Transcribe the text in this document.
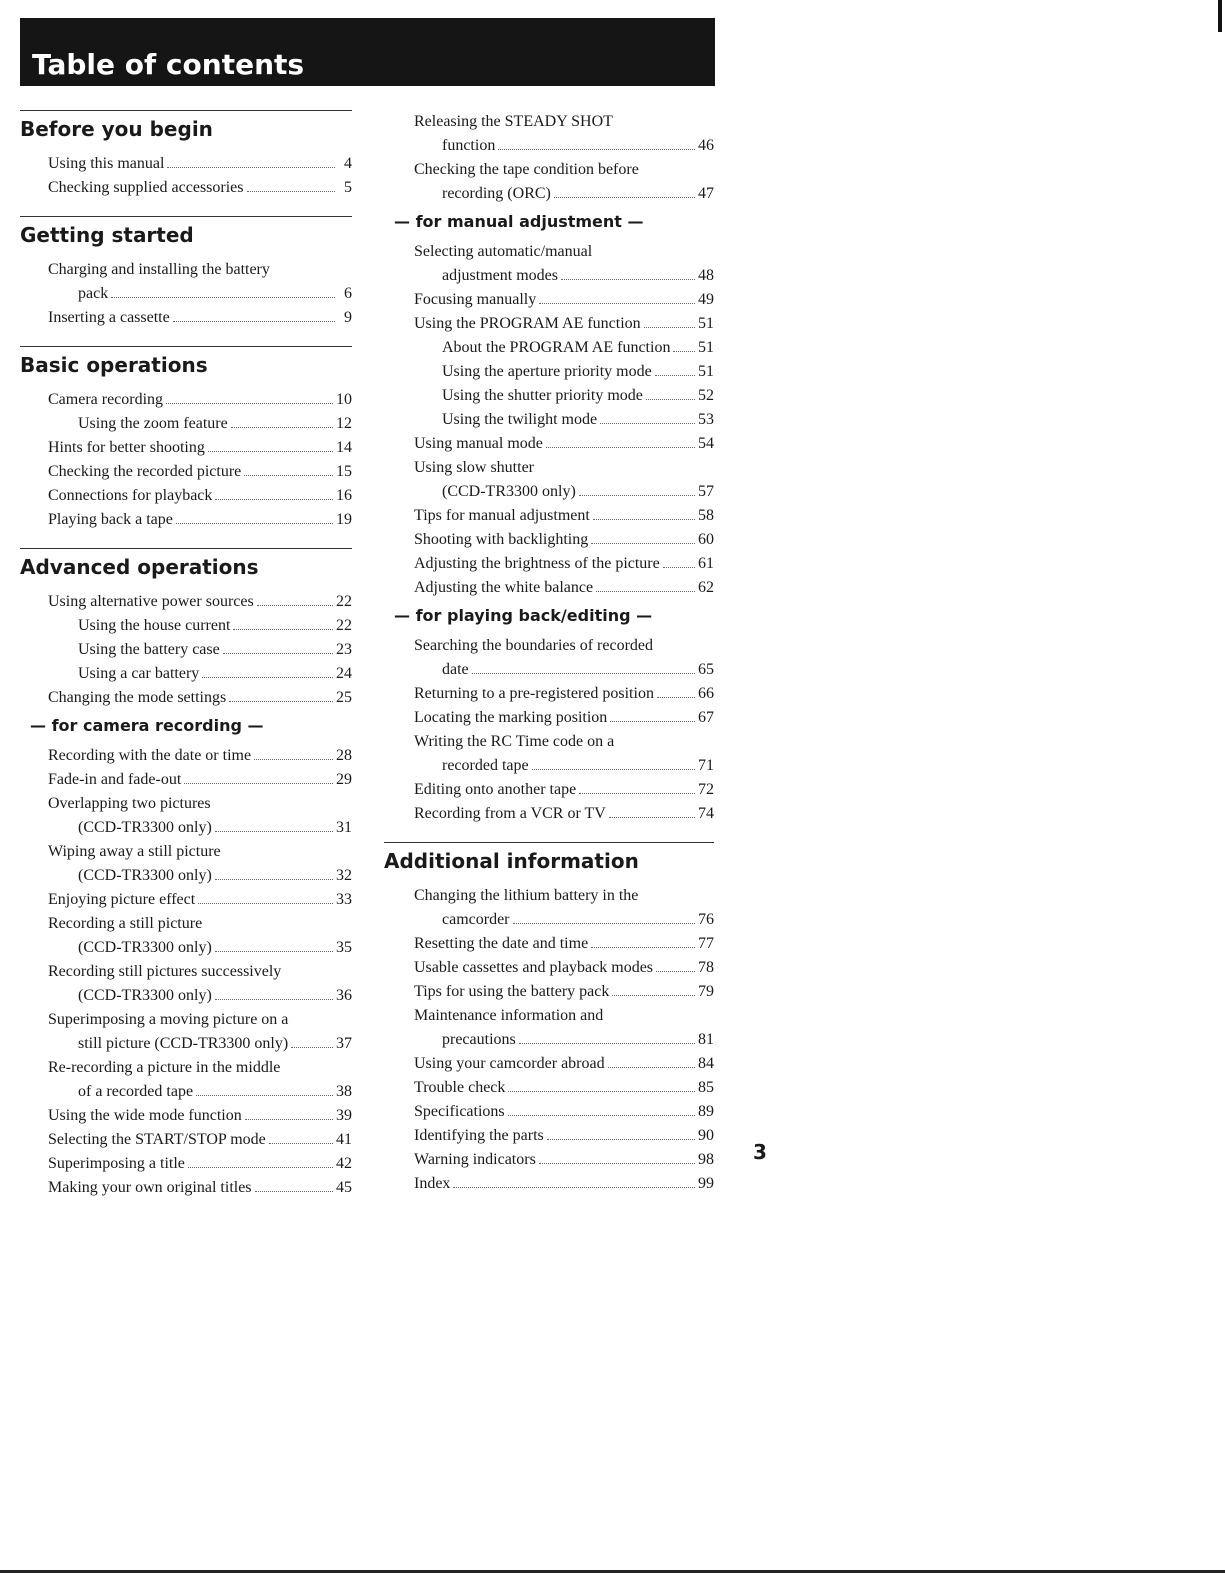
Table of contents
Before you begin
Using this manual	4
Checking supplied accessories	5
Getting started
Charging and installing the battery
pack	6
Inserting a cassette	9
Basic operations
Camera recording	10
Using the zoom feature	12
Hints for better shooting	14
Checking the recorded picture	15
Connections for playback	16
Playing back a tape	19
Advanced operations
Using alternative power sources	22
Using the house current	22
Using the battery case	23
Using a car battery	24
Changing the mode settings	25
— for camera recording —
Recording with the date or time	28
Fade-in and fade-out	29
Overlapping two pictures
(CCD-TR3300 only)	31
Wiping away a still picture
(CCD-TR3300 only)	32
Enjoying picture effect	33
Recording a still picture
(CCD-TR3300 only)	35
Recording still pictures successively
(CCD-TR3300 only)	36
Superimposing a moving picture on a
still picture (CCD-TR3300 only)	37
Re-recording a picture in the middle
of a recorded tape	38
Using the wide mode function	39
Selecting the START/STOP mode	41
Superimposing a title	42
Making your own original titles	45
Releasing the STEADY SHOT
function	46
Checking the tape condition before
recording (ORC)	47
— for manual adjustment —
Selecting automatic/manual
adjustment modes	48
Focusing manually	49
Using the PROGRAM AE function	51
About the PROGRAM AE function 51
Using the aperture priority mode	51
Using the shutter priority mode	52
Using the twilight mode	53
Using manual mode	54
Using slow shutter
(CCD-TR3300 only)	57
Tips for manual adjustment	58
Shooting with backlighting	60
Adjusting the brightness of the picture 61
Adjusting the white balance	62
— for playing back/editing —
Searching the boundaries of recorded
date	65
Returning to a pre-registered position	66
Locating the marking position	67
Writing the RC Time code on a
recorded tape	71
Editing onto another tape	72
Recording from a VCR or TV	74
Additional information
Changing the lithium battery in the
camcorder	76
Resetting the date and time	77
Usable cassettes and playback modes	78
Tips for using the battery pack	79
Maintenance information and
precautions	81
Using your camcorder abroad	84
Trouble check	85
Specifications	89
Identifying the parts	90
Warning indicators	98
Index	99
3
